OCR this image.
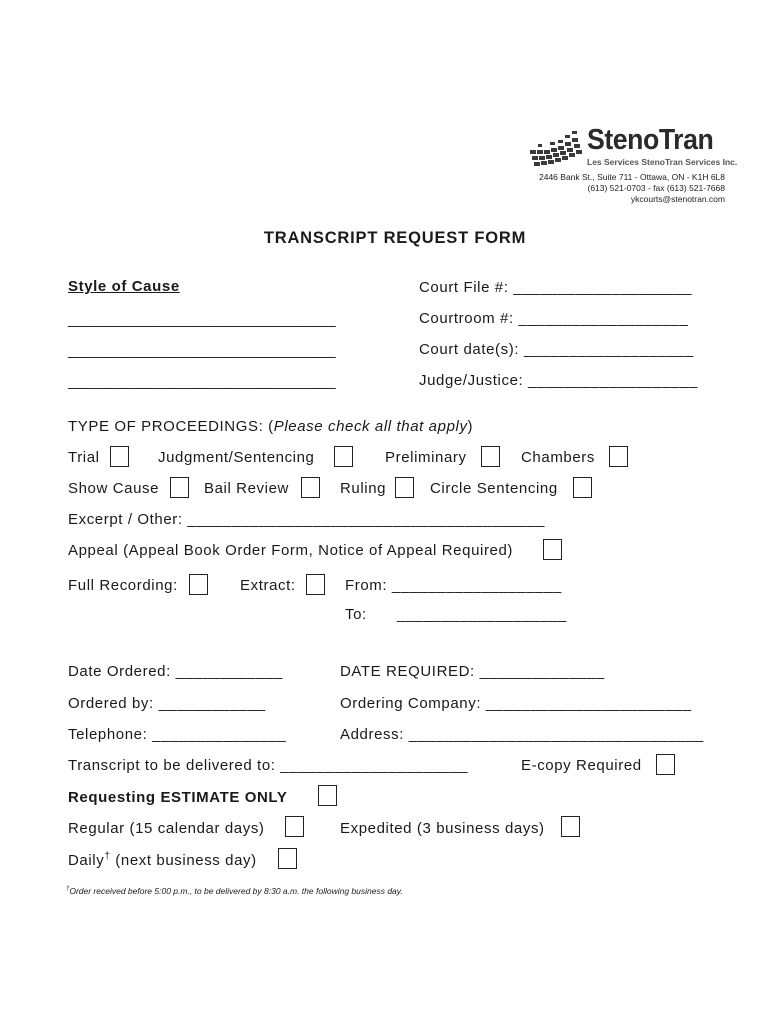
StenoTran
Les Services StenoTran Services Inc.
2446 Bank St., Suite 711 - Ottawa, ON - K1H 6L8
(613) 521-0703 - fax (613) 521-7668
ykcourts@stenotran.com
TRANSCRIPT REQUEST FORM
Style of Cause
_______________________________
_______________________________
_______________________________
Court File #: ____________________
Courtroom #: ___________________
Court date(s): ___________________
Judge/Justice: ___________________
TYPE OF PROCEEDINGS: (Please check all that apply)
Trial	Judgment/Sentencing	Preliminary	Chambers
Show Cause	Bail Review	Ruling	Circle Sentencing
Excerpt / Other: ________________________________________
Appeal (Appeal Book Order Form, Notice of Appeal Required)
Full Recording:	Extract:	From: ___________________
To: ___________________
Date Ordered: ____________	DATE REQUIRED: ______________
Ordered by: ____________	Ordering Company: _______________________
Telephone: _______________	Address: _________________________________
Transcript to be delivered to: _____________________	E-copy Required
Requesting ESTIMATE ONLY
Regular (15 calendar days)	Expedited (3 business days)
Daily† (next business day)
†Order received before 5:00 p.m., to be delivered by 8:30 a.m. the following business day.
